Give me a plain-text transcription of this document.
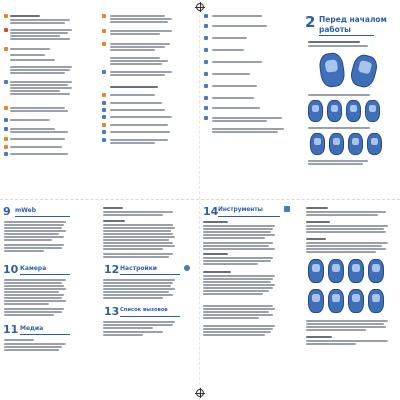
2 Перед началом
работы
9 mWeb
10 Камера
11 Медиа
12 Настройки
13 Список вызовов
14 Инструменты
